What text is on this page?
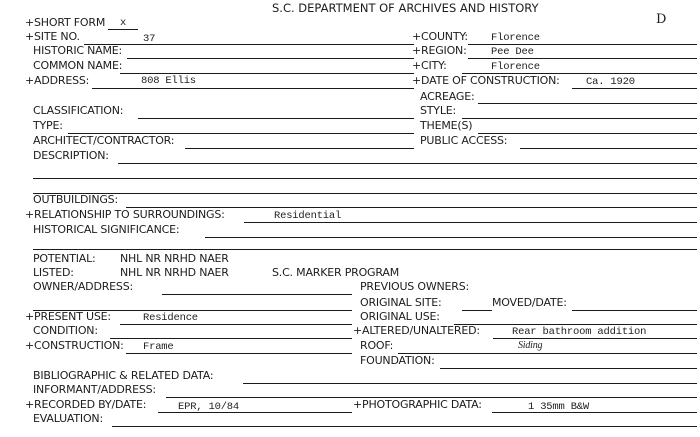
S.C. DEPARTMENT OF ARCHIVES AND HISTORY
D
+SHORT FORM x
+SITE NO.	37	+COUNTY: Florence
HISTORIC NAME:	+REGION: Pee Dee
COMMON NAME:	+CITY:	Florence
+ADDRESS:	808 Ellis	+DATE OF CONSTRUCTION:	Ca. 1920
ACREAGE:
CLASSIFICATION:	STYLE:
TYPE:	THEME(S)
ARCHITECT/CONTRACTOR:	PUBLIC ACCESS:
DESCRIPTION:
OUTBUILDINGS:
+RELATIONSHIP TO SURROUNDINGS:	Residential
HISTORICAL SIGNIFICANCE:
POTENTIAL: NHL NR NRHD NAER
LISTED:	NHL NR NRHD NAER	S.C. MARKER PROGRAM
OWNER/ADDRESS:	PREVIOUS OWNERS:
ORIGINAL SITE:	MOVED/DATE:
+PRESENT USE:	Residence	ORIGINAL USE:
CONDITION:	+ALTERED/UNALTERED:	Rear bathroom addition
+CONSTRUCTION: Frame	ROOF:	Siding
FOUNDATION:
BIBLIOGRAPHIC & RELATED DATA:
INFORMANT/ADDRESS:
+RECORDED BY/DATE:	EPR, 10/84	+PHOTOGRAPHIC DATA:	1 35mm B&W
EVALUATION:
